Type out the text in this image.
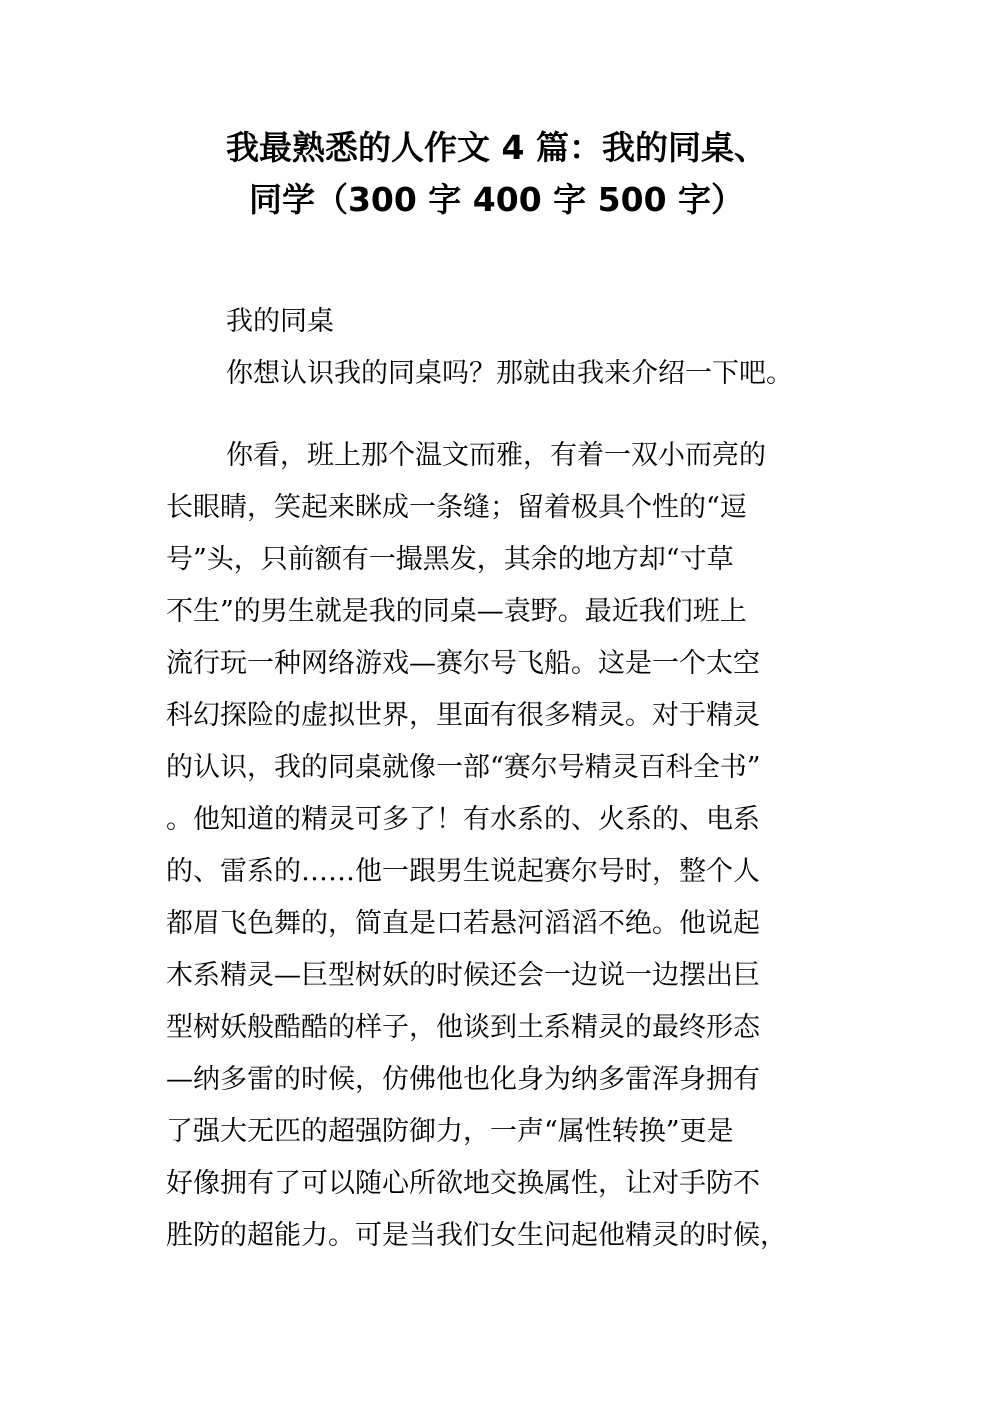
我最熟悉的人作文 4 篇：我的同桌、
同学（300 字 400 字 500 字）

我的同桌

你想认识我的同桌吗？那就由我来介绍一下吧。

你看，班上那个温文而雅，有着一双小而亮的

长眼睛，笑起来眯成一条缝；留着极具个性的“逗

号”头，只前额有一撮黑发，其余的地方却“寸草

不生”的男生就是我的同桌—袁野。最近我们班上

流行玩一种网络游戏—赛尔号飞船。这是一个太空

科幻探险的虚拟世界，里面有很多精灵。对于精灵

的认识，我的同桌就像一部“赛尔号精灵百科全书”

。他知道的精灵可多了！有水系的、火系的、电系

的、雷系的……他一跟男生说起赛尔号时，整个人

都眉飞色舞的，简直是口若悬河滔滔不绝。他说起

木系精灵—巨型树妖的时候还会一边说一边摆出巨

型树妖般酷酷的样子，他谈到土系精灵的最终形态

—纳多雷的时候，仿佛他也化身为纳多雷浑身拥有

了强大无匹的超强防御力，一声“属性转换”更是

好像拥有了可以随心所欲地交换属性，让对手防不

胜防的超能力。可是当我们女生问起他精灵的时候，
